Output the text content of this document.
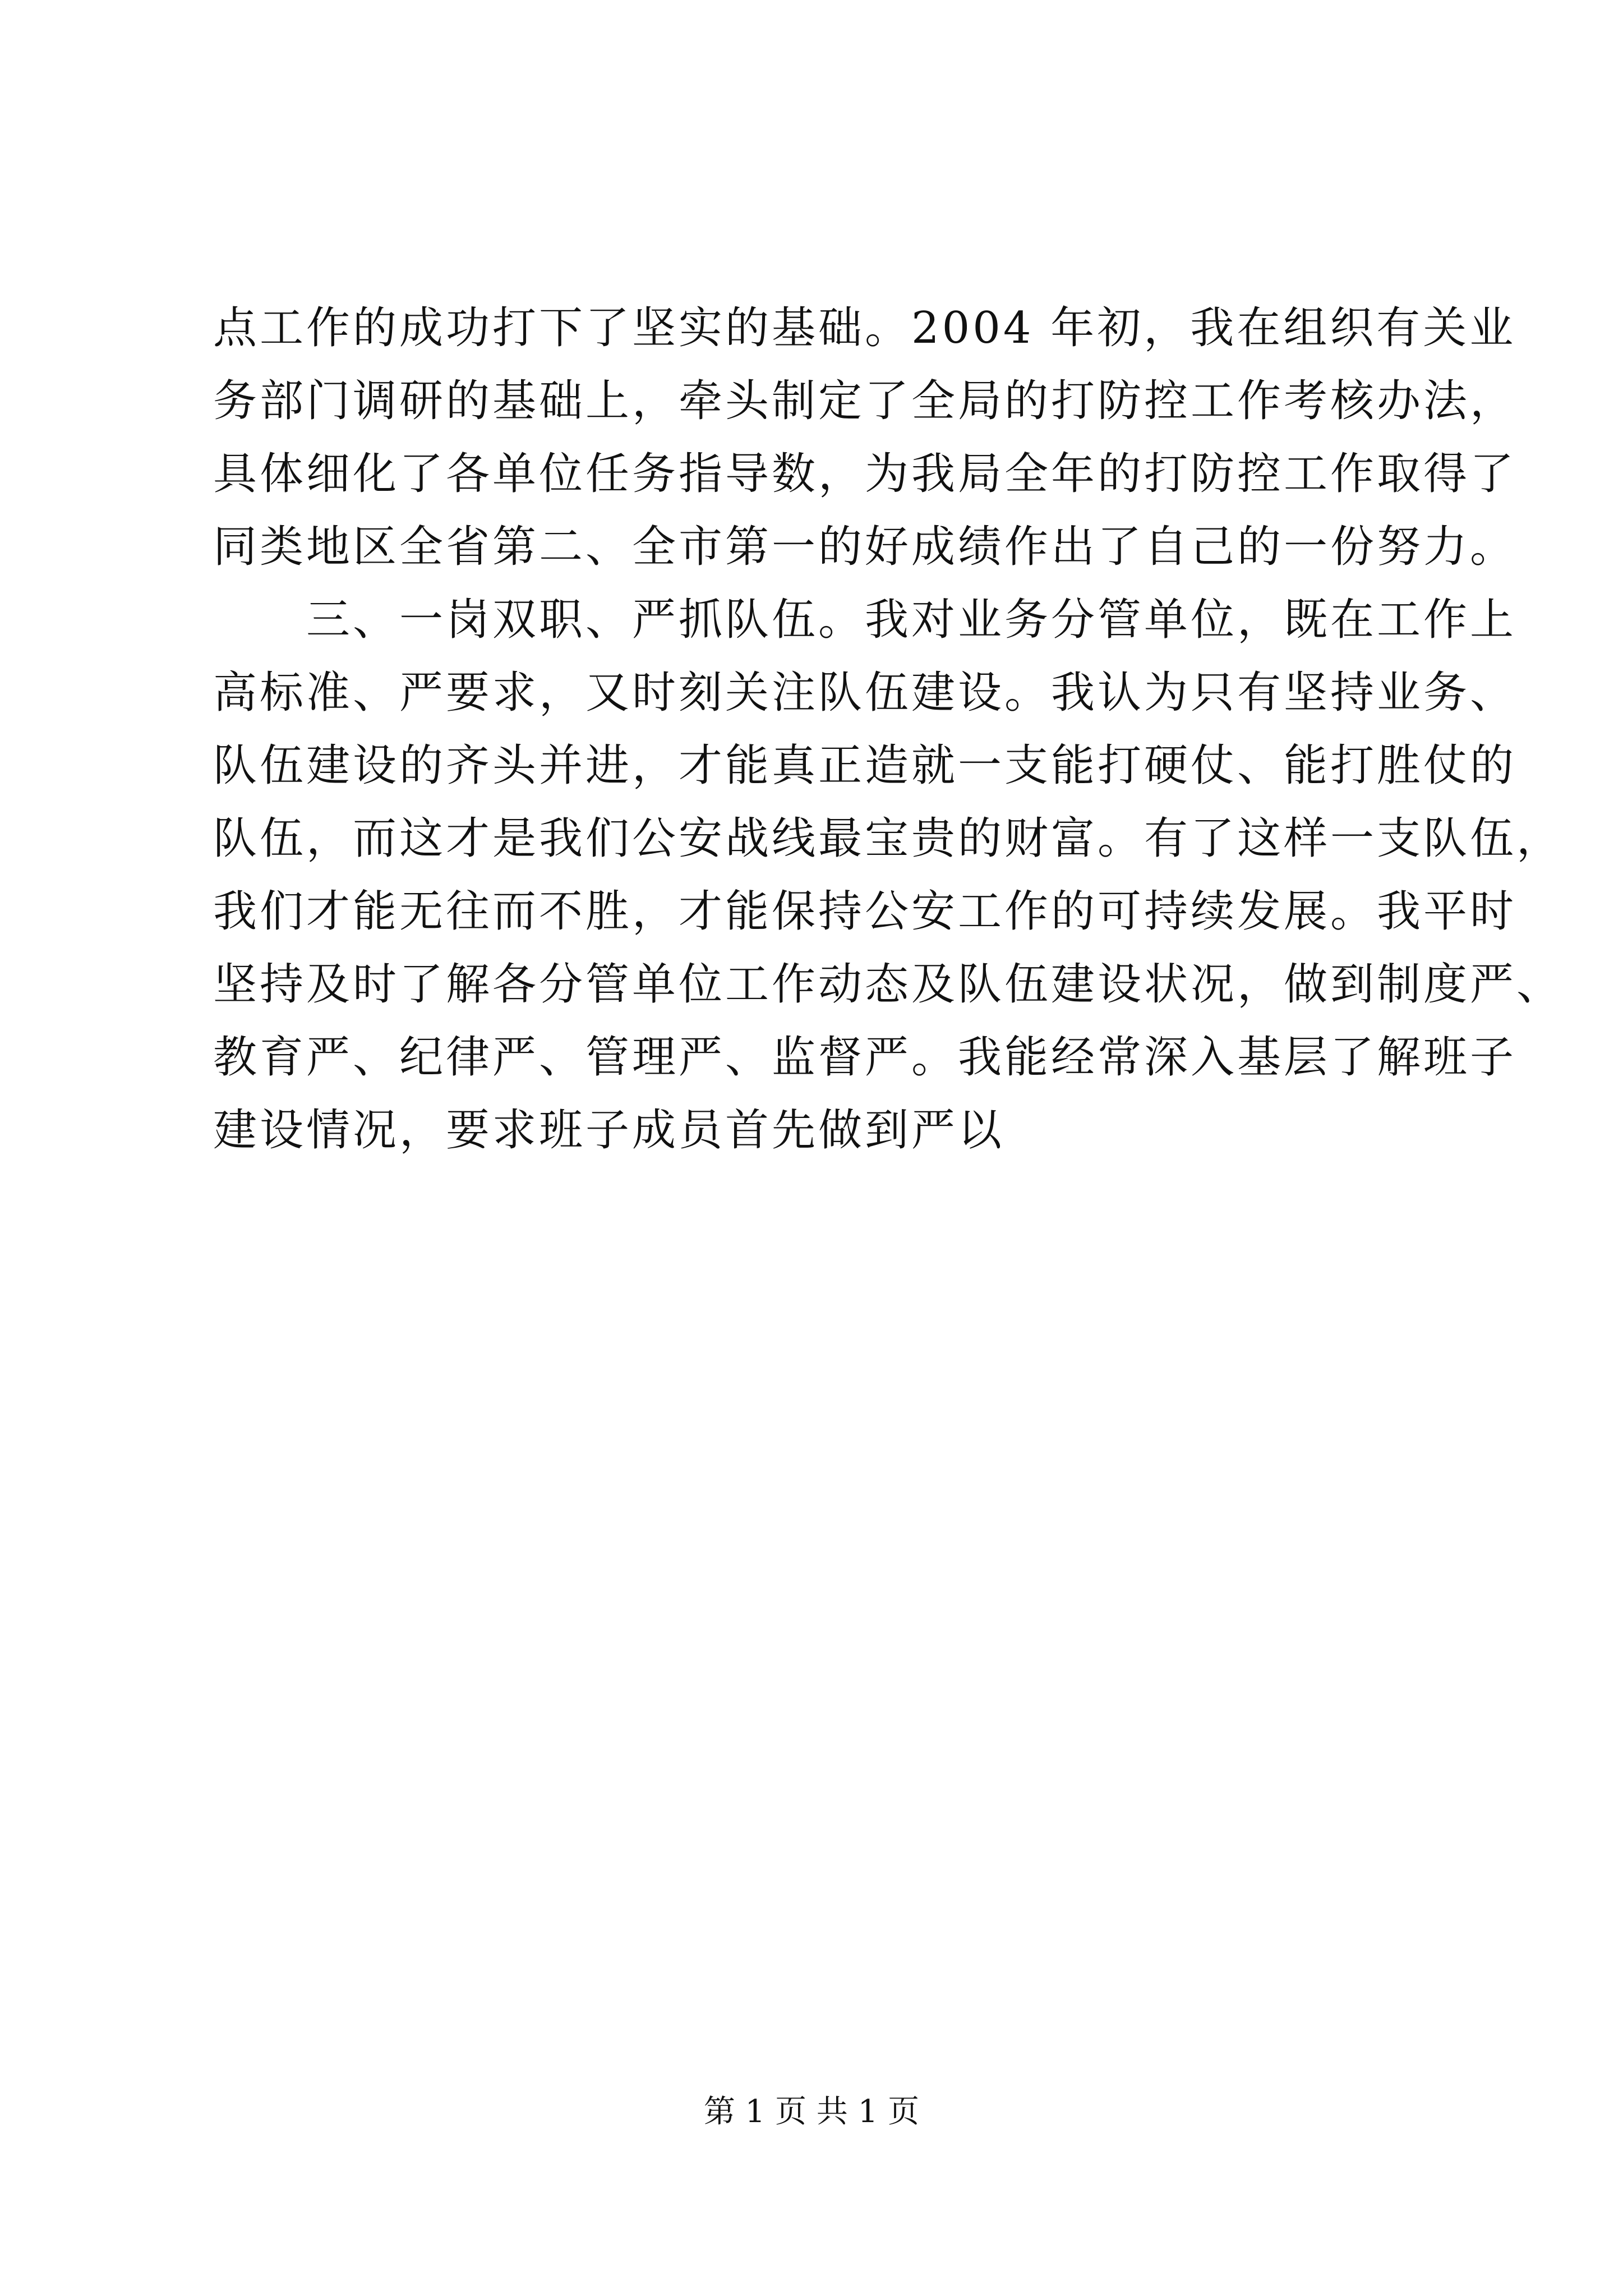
点工作的成功打下了坚实的基础。2004 年初，我在组织有关业
务部门调研的基础上，牵头制定了全局的打防控工作考核办法，
具体细化了各单位任务指导数，为我局全年的打防控工作取得了
同类地区全省第二、全市第一的好成绩作出了自己的一份努力。
　　三、一岗双职、严抓队伍。我对业务分管单位，既在工作上
高标准、严要求，又时刻关注队伍建设。我认为只有坚持业务、
队伍建设的齐头并进，才能真正造就一支能打硬仗、能打胜仗的
队伍，而这才是我们公安战线最宝贵的财富。有了这样一支队伍，
我们才能无往而不胜，才能保持公安工作的可持续发展。我平时
坚持及时了解各分管单位工作动态及队伍建设状况，做到制度严、
教育严、纪律严、管理严、监督严。我能经常深入基层了解班子
建设情况，要求班子成员首先做到严以
第 1 页 共 1 页
